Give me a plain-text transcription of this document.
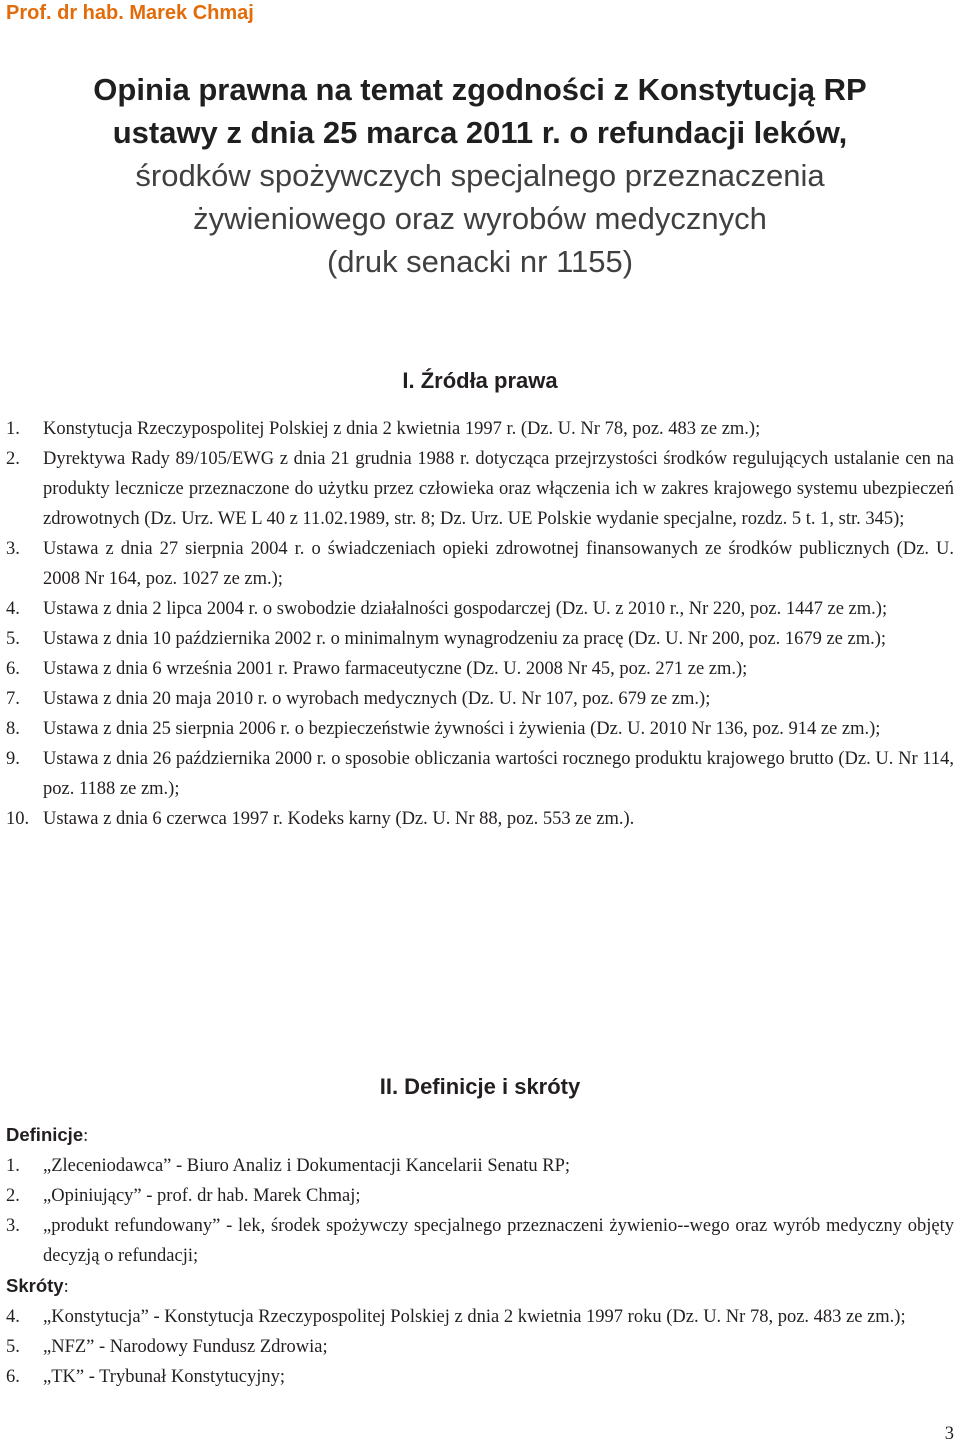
Prof. dr hab. Marek Chmaj
Opinia prawna na temat zgodności z Konstytucją RP
ustawy z dnia 25 marca 2011 r. o refundacji leków,
środków spożywczych specjalnego przeznaczenia
żywieniowego oraz wyrobów medycznych
(druk senacki nr 1155)
I. Źródła prawa
1. Konstytucja Rzeczypospolitej Polskiej z dnia 2 kwietnia 1997 r. (Dz. U. Nr 78, poz. 483 ze zm.);
2. Dyrektywa Rady 89/105/EWG z dnia 21 grudnia 1988 r. dotycząca przejrzystości środków regulujących ustalanie cen na produkty lecznicze przeznaczone do użytku przez człowieka oraz włączenia ich w zakres krajowego systemu ubezpieczeń zdrowotnych (Dz. Urz. WE L 40 z 11.02.1989, str. 8; Dz. Urz. UE Polskie wydanie specjalne, rozdz. 5 t. 1, str. 345);
3. Ustawa z dnia 27 sierpnia 2004 r. o świadczeniach opieki zdrowotnej finansowanych ze środków publicznych (Dz. U. 2008 Nr 164, poz. 1027 ze zm.);
4. Ustawa z dnia 2 lipca 2004 r. o swobodzie działalności gospodarczej (Dz. U. z 2010 r., Nr 220, poz. 1447 ze zm.);
5. Ustawa z dnia 10 października 2002 r. o minimalnym wynagrodzeniu za pracę (Dz. U. Nr 200, poz. 1679 ze zm.);
6. Ustawa z dnia 6 września 2001 r. Prawo farmaceutyczne (Dz. U. 2008 Nr 45, poz. 271 ze zm.);
7. Ustawa z dnia 20 maja 2010 r. o wyrobach medycznych (Dz. U. Nr 107, poz. 679 ze zm.);
8. Ustawa z dnia 25 sierpnia 2006 r. o bezpieczeństwie żywności i żywienia (Dz. U. 2010 Nr 136, poz. 914 ze zm.);
9. Ustawa z dnia 26 października 2000 r. o sposobie obliczania wartości rocznego produktu krajowego brutto (Dz. U. Nr 114, poz. 1188 ze zm.);
10. Ustawa z dnia 6 czerwca 1997 r. Kodeks karny (Dz. U. Nr 88, poz. 553 ze zm.).
II. Definicje i skróty
Definicje:
1. „Zleceniodawca” - Biuro Analiz i Dokumentacji Kancelarii Senatu RP;
2. „Opiniujący” - prof. dr hab. Marek Chmaj;
3. „produkt refundowany” - lek, środek spożywczy specjalnego przeznaczeni żywienio--wego oraz wyrób medyczny objęty decyzją o refundacji;
Skróty:
4. „Konstytucja” - Konstytucja Rzeczypospolitej Polskiej z dnia 2 kwietnia 1997 roku (Dz. U. Nr 78, poz. 483 ze zm.);
5. „NFZ” - Narodowy Fundusz Zdrowia;
6. „TK” - Trybunał Konstytucyjny;
3
